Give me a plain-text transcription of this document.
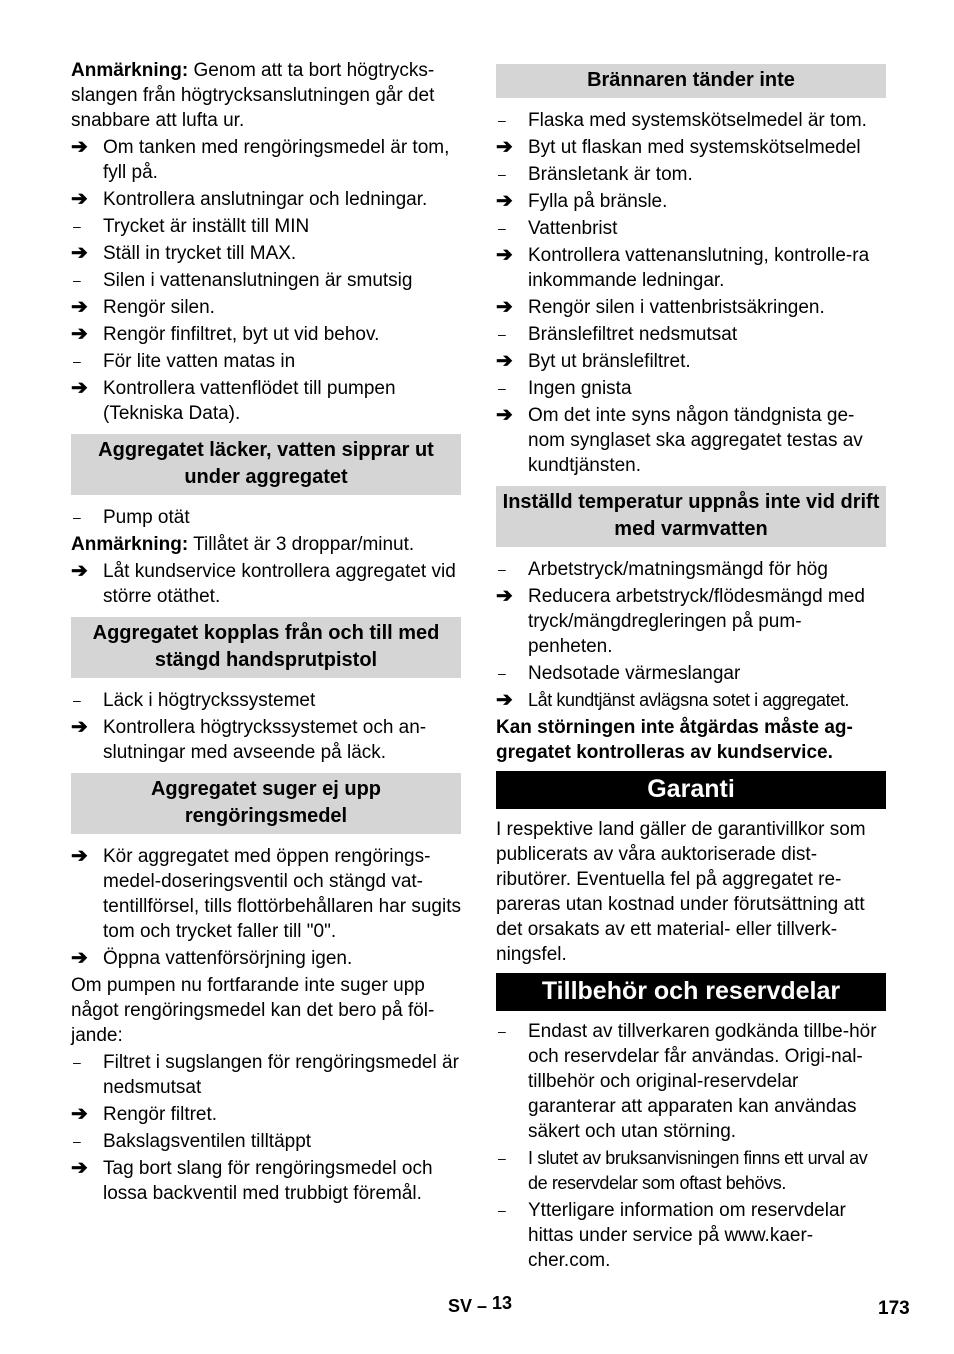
Anmärkning: Genom att ta bort högtrycks-slangen från högtrycksanslutningen går det snabbare att lufta ur.

➔ Om tanken med rengöringsmedel är tom, fyll på.
➔ Kontrollera anslutningar och ledningar.
–	Trycket är inställt till MIN
➔ Ställ in trycket till MAX.
–	Silen i vattenanslutningen är smutsig
➔ Rengör silen.
➔ Rengör finfiltret, byt ut vid behov.
–	För lite vatten matas in
➔ Kontrollera vattenflödet till pumpen (Tekniska Data).
Aggregatet läcker, vatten sipprar ut under aggregatet
–	Pump otät

Anmärkning: Tillåtet är 3 droppar/minut.

➔ Låt kundservice kontrollera aggregatet vid större otäthet.
Aggregatet kopplas från och till med stängd handsprutpistol
–	Läck i högtryckssystemet
➔ Kontrollera högtryckssystemet och an-slutningar med avseende på läck.
Aggregatet suger ej upp rengöringsmedel
➔ Kör aggregatet med öppen rengörings-medel-doseringsventil och stängd vat-tentillförsel, tills flottörbehållaren har sugits tom och trycket faller till "0".
➔ Öppna vattenförsörjning igen.

Om pumpen nu fortfarande inte suger upp något rengöringsmedel kan det bero på föl-jande:

–	Filtret i sugslangen för rengöringsmedel är nedsmutsat
➔ Rengör filtret.
–	Bakslagsventilen tilltäppt
➔ Tag bort slang för rengöringsmedel och lossa backventil med trubbigt föremål.
Brännaren tänder inte
–	Flaska med systemskötselmedel är tom.
➔ Byt ut flaskan med systemskötselmedel
–	Bränsletank är tom.
➔ Fylla på bränsle.
–	Vattenbrist
➔ Kontrollera vattenanslutning, kontrolle-ra inkommande ledningar.
➔ Rengör silen i vattenbristsäkringen.
–	Bränslefiltret nedsmutsat
➔ Byt ut bränslefiltret.
–	Ingen gnista
➔ Om det inte syns någon tändgnista ge-nom synglaset ska aggregatet testas av kundtjänsten.
Inställd temperatur uppnås inte vid drift med varmvatten
–	Arbetstryck/matningsmängd för hög
➔ Reducera arbetstryck/flödesmängd med tryck/mängdregleringen på pum-penheten.
–	Nedsotade värmeslangar
➔ Låt kundtjänst avlägsna sotet i aggregatet.

Kan störningen inte åtgärdas måste ag-gregatet kontrolleras av kundservice.

Garanti

I respektive land gäller de garantivillkor som publicerats av våra auktoriserade dist-ributörer. Eventuella fel på aggregatet re-pareras utan kostnad under förutsättning att det orsakats av ett material- eller tillverk-ningsfel.

Tillbehör och reservdelar
–	Endast av tillverkaren godkända tillbe-hör och reservdelar får användas. Origi-nal-tillbehör och original-reservdelar garanterar att apparaten kan användas säkert och utan störning.
–	I slutet av bruksanvisningen finns ett urval av de reservdelar som oftast behövs.
–	Ytterligare information om reservdelar hittas under service på www.kaer-cher.com.
SV – 13	173
